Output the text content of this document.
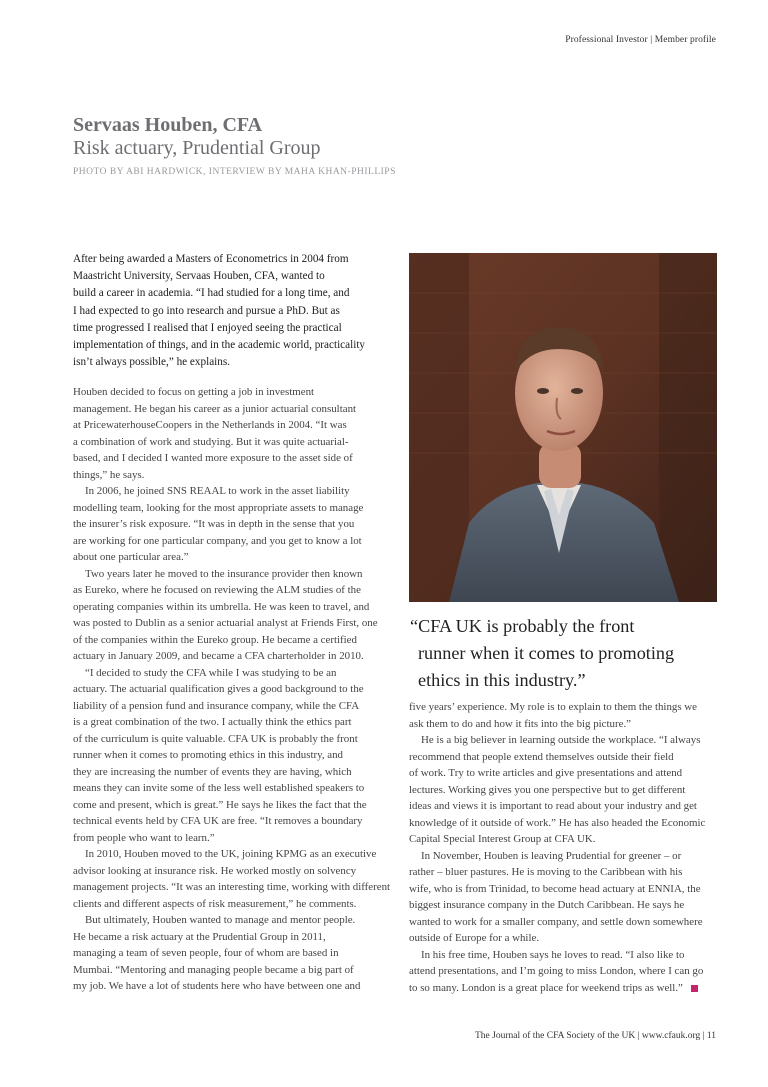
Professional Investor | Member profile

Servaas Houben, CFA

Risk actuary, Prudential Group

PHOTO BY ABI HARDWICK, INTERVIEW BY MAHA KHAN-PHILLIPS
After being awarded a Masters of Econometrics in 2004 from
Maastricht University, Servaas Houben, CFA, wanted to
build a career in academia. “I had studied for a long time, and
I had expected to go into research and pursue a PhD. But as
time progressed I realised that I enjoyed seeing the practical
implementation of things, and in the academic world, practicality
isn’t always possible,” he explains.
Houben decided to focus on getting a job in investment
management. He began his career as a junior actuarial consultant
at PricewaterhouseCoopers in the Netherlands in 2004. “It was
a combination of work and studying. But it was quite actuarial-
based, and I decided I wanted more exposure to the asset side of
things,” he says.
In 2006, he joined SNS REAAL to work in the asset liability
modelling team, looking for the most appropriate assets to manage
the insurer’s risk exposure. “It was in depth in the sense that you
are working for one particular company, and you get to know a lot
about one particular area.”
Two years later he moved to the insurance provider then known
as Eureko, where he focused on reviewing the ALM studies of the
operating companies within its umbrella. He was keen to travel, and
was posted to Dublin as a senior actuarial analyst at Friends First, one
of the companies within the Eureko group. He became a certified
actuary in January 2009, and became a CFA charterholder in 2010.
“I decided to study the CFA while I was studying to be an
actuary. The actuarial qualification gives a good background to the
liability of a pension fund and insurance company, while the CFA
is a great combination of the two. I actually think the ethics part
of the curriculum is quite valuable. CFA UK is probably the front
runner when it comes to promoting ethics in this industry, and
they are increasing the number of events they are having, which
means they can invite some of the less well established speakers to
come and present, which is great.” He says he likes the fact that the
technical events held by CFA UK are free. “It removes a boundary
from people who want to learn.”
In 2010, Houben moved to the UK, joining KPMG as an executive
advisor looking at insurance risk. He worked mostly on solvency
management projects. “It was an interesting time, working with different
clients and different aspects of risk measurement,” he comments.
But ultimately, Houben wanted to manage and mentor people.
He became a risk actuary at the Prudential Group in 2011,
managing a team of seven people, four of whom are based in
Mumbai. “Mentoring and managing people became a big part of
my job. We have a lot of students here who have between one and
“CFA UK is probably the front
runner when it comes to promoting
ethics in this industry.”
five years’ experience. My role is to explain to them the things we
ask them to do and how it fits into the big picture.”
He is a big believer in learning outside the workplace. “I always
recommend that people extend themselves outside their field
of work. Try to write articles and give presentations and attend
lectures. Working gives you one perspective but to get different
ideas and views it is important to read about your industry and get
knowledge of it outside of work.” He has also headed the Economic
Capital Special Interest Group at CFA UK.
In November, Houben is leaving Prudential for greener – or
rather – bluer pastures. He is moving to the Caribbean with his
wife, who is from Trinidad, to become head actuary at ENNIA, the
biggest insurance company in the Dutch Caribbean. He says he
wanted to work for a smaller company, and settle down somewhere
outside of Europe for a while.
In his free time, Houben says he loves to read. “I also like to
attend presentations, and I’m going to miss London, where I can go
to so many. London is a great place for weekend trips as well.”
The Journal of the CFA Society of the UK | www.cfauk.org | 11
